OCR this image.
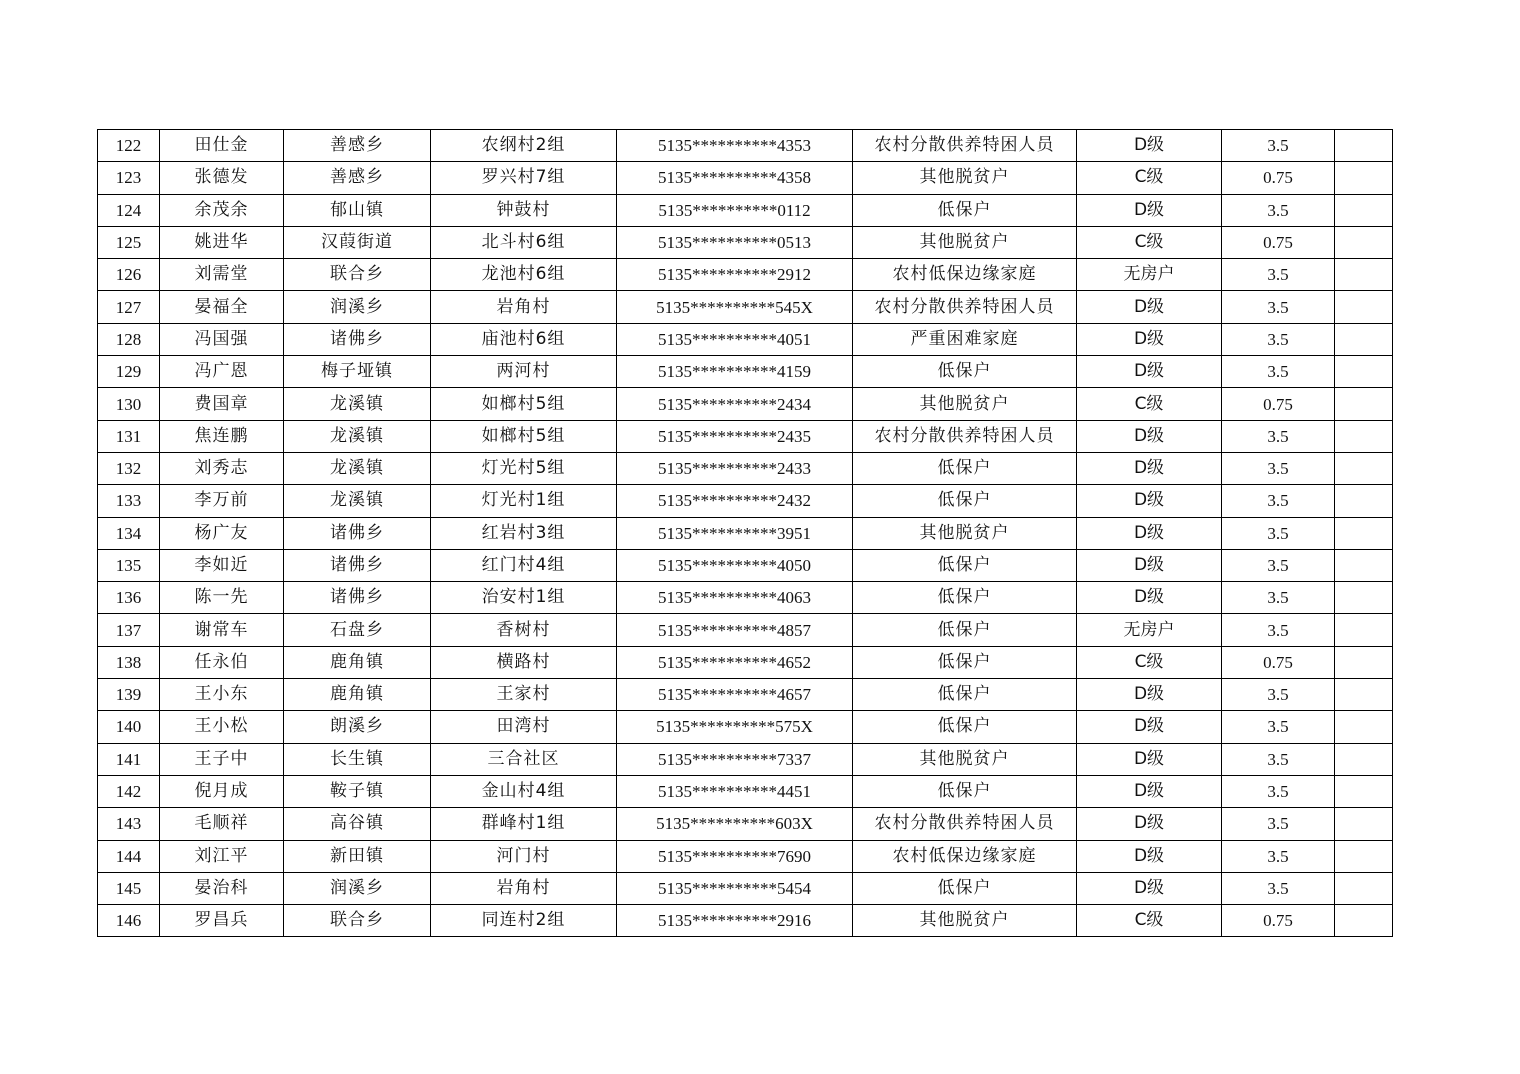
122	田仕金	善感乡	农纲村2组	5135**********4353	农村分散供养特困人员	D级	3.5	
123	张德发	善感乡	罗兴村7组	5135**********4358	其他脱贫户	C级	0.75	
124	余茂余	郁山镇	钟鼓村	5135**********0112	低保户	D级	3.5	
125	姚进华	汉葭街道	北斗村6组	5135**********0513	其他脱贫户	C级	0.75	
126	刘需堂	联合乡	龙池村6组	5135**********2912	农村低保边缘家庭	无房户	3.5	
127	晏福全	润溪乡	岩角村	5135**********545X	农村分散供养特困人员	D级	3.5	
128	冯国强	诸佛乡	庙池村6组	5135**********4051	严重困难家庭	D级	3.5	
129	冯广恩	梅子垭镇	两河村	5135**********4159	低保户	D级	3.5	
130	费国章	龙溪镇	如榔村5组	5135**********2434	其他脱贫户	C级	0.75	
131	焦连鹏	龙溪镇	如榔村5组	5135**********2435	农村分散供养特困人员	D级	3.5	
132	刘秀志	龙溪镇	灯光村5组	5135**********2433	低保户	D级	3.5	
133	李万前	龙溪镇	灯光村1组	5135**********2432	低保户	D级	3.5	
134	杨广友	诸佛乡	红岩村3组	5135**********3951	其他脱贫户	D级	3.5	
135	李如近	诸佛乡	红门村4组	5135**********4050	低保户	D级	3.5	
136	陈一先	诸佛乡	治安村1组	5135**********4063	低保户	D级	3.5	
137	谢常车	石盘乡	香树村	5135**********4857	低保户	无房户	3.5	
138	任永伯	鹿角镇	横路村	5135**********4652	低保户	C级	0.75	
139	王小东	鹿角镇	王家村	5135**********4657	低保户	D级	3.5	
140	王小松	朗溪乡	田湾村	5135**********575X	低保户	D级	3.5	
141	王子中	长生镇	三合社区	5135**********7337	其他脱贫户	D级	3.5	
142	倪月成	鞍子镇	金山村4组	5135**********4451	低保户	D级	3.5	
143	毛顺祥	高谷镇	群峰村1组	5135**********603X	农村分散供养特困人员	D级	3.5	
144	刘江平	新田镇	河门村	5135**********7690	农村低保边缘家庭	D级	3.5	
145	晏治科	润溪乡	岩角村	5135**********5454	低保户	D级	3.5	
146	罗昌兵	联合乡	同连村2组	5135**********2916	其他脱贫户	C级	0.75	
